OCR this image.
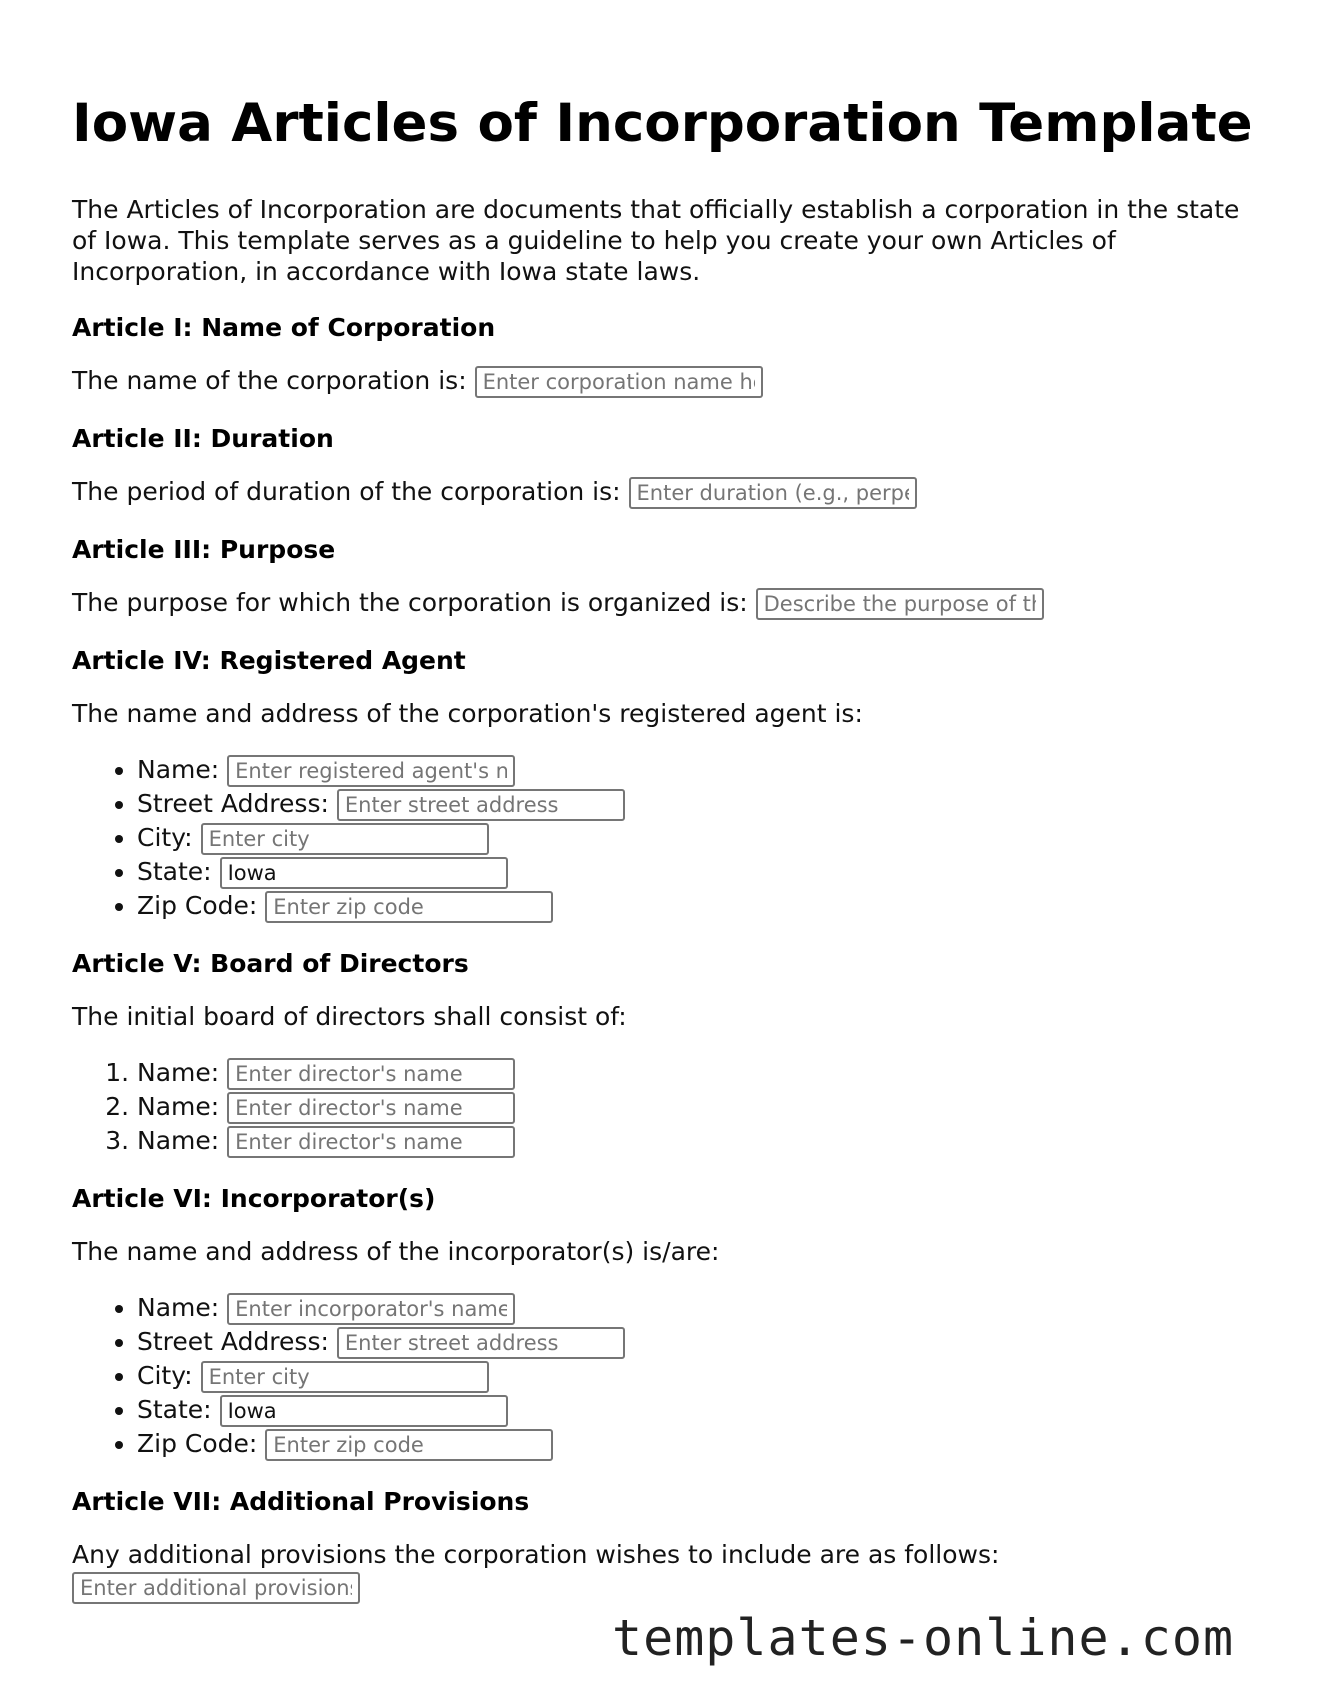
Iowa Articles of Incorporation Template

The Articles of Incorporation are documents that officially establish a corporation in the state of Iowa. This template serves as a guideline to help you create your own Articles of Incorporation, in accordance with Iowa state laws.

Article I: Name of Corporation

The name of the corporation is: Enter corporation name here

Article II: Duration

The period of duration of the corporation is: Enter duration (e.g., perpetual)

Article III: Purpose

The purpose for which the corporation is organized is: Describe the purpose of the corporation

Article IV: Registered Agent

The name and address of the corporation's registered agent is:

• Name: Enter registered agent's name
• Street Address: Enter street address
• City: Enter city
• State: Iowa
• Zip Code: Enter zip code
Article V: Board of Directors

The initial board of directors shall consist of:

1. Name: Enter director's name
2. Name: Enter director's name
3. Name: Enter director's name
Article VI: Incorporator(s)

The name and address of the incorporator(s) is/are:

• Name: Enter incorporator's name
• Street Address: Enter street address
• City: Enter city
• State: Iowa
• Zip Code: Enter zip code
Article VII: Additional Provisions

Any additional provisions the corporation wishes to include are as follows:

Enter additional provisions here
templates-online.com
